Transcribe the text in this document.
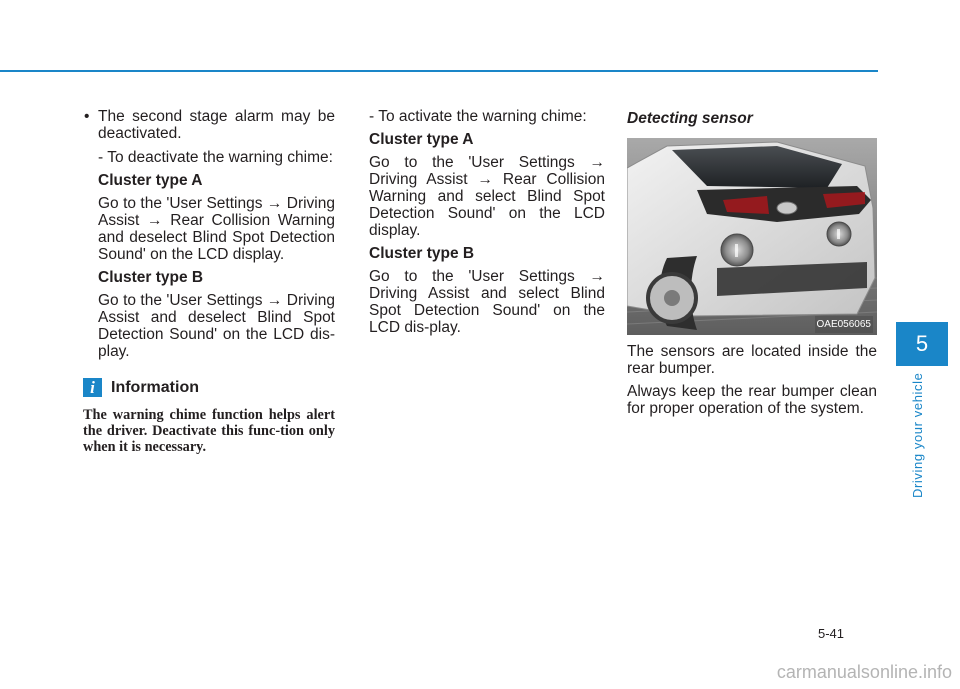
• The second stage alarm may be deactivated.

- To deactivate the warning chime:

Cluster type A

Go to the 'User Settings → Driving Assist → Rear Collision Warning and deselect Blind Spot Detection Sound' on the LCD display.

Cluster type B

Go to the 'User Settings → Driving Assist and deselect Blind Spot Detection Sound' on the LCD dis-play.

i	Information
The warning chime function helps alert the driver. Deactivate this func-tion only when it is necessary.

- To activate the warning chime:

Cluster type A

Go to the 'User Settings → Driving Assist → Rear Collision Warning and select Blind Spot Detection Sound' on the LCD display.

Cluster type B

Go to the 'User Settings → Driving Assist and select Blind Spot Detection Sound' on the LCD dis-play.

Detecting sensor
OAE056065

The sensors are located inside the rear bumper.

Always keep the rear bumper clean for proper operation of the system.

5
Driving your vehicle
5-41
carmanualsonline.info
